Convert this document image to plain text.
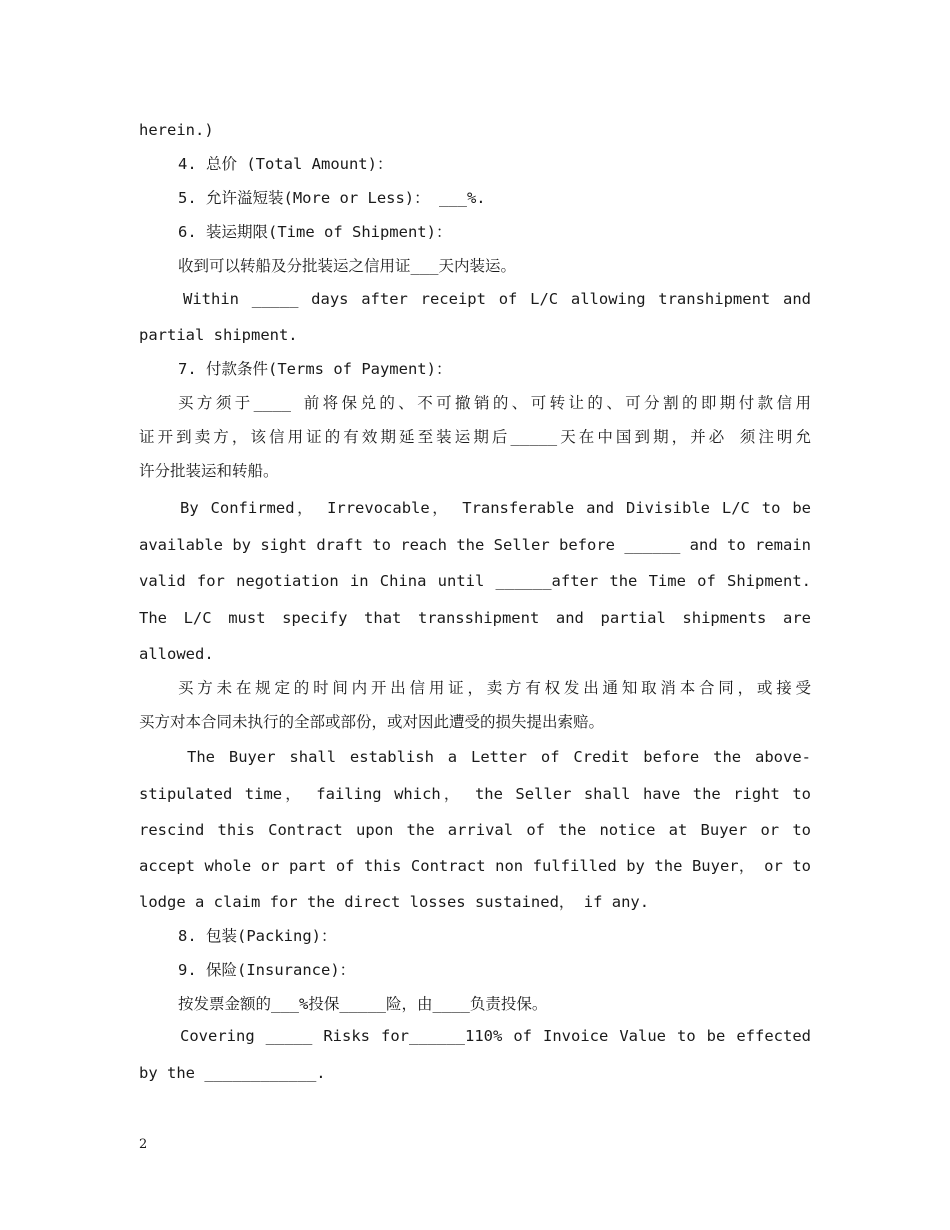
herein.)
4. 总价 (Total Amount)：
5. 允许溢短装(More or Less)： ___%.
6. 装运期限(Time of Shipment)：
收到可以转船及分批装运之信用证___天内装运。
Within _____ days after receipt of L/C allowing transhipment and
partial shipment.
7. 付款条件(Terms of Payment)：
买方须于____ 前将保兑的、不可撤销的、可转让的、可分割的即期付款信用
证开到卖方，该信用证的有效期延至装运期后_____天在中国到期，并必 须注明允
许分批装运和转船。
By Confirmed， Irrevocable， Transferable and Divisible L/C to be
available by sight draft to reach the Seller before ______ and to remain
valid for negotiation in China until ______after the Time of Shipment.
The L/C must specify that transshipment and partial shipments are
allowed.
买方未在规定的时间内开出信用证，卖方有权发出通知取消本合同，或接受
买方对本合同未执行的全部或部份，或对因此遭受的损失提出索赔。
The Buyer shall establish a Letter of Credit before the above-
stipulated time， failing which， the Seller shall have the right to
rescind this Contract upon the arrival of the notice at Buyer or to
accept whole or part of this Contract non fulfilled by the Buyer， or to
lodge a claim for the direct losses sustained， if any.
8. 包装(Packing)：
9. 保险(Insurance)：
按发票金额的___%投保_____险，由____负责投保。
Covering _____ Risks for______110% of Invoice Value to be effected
by the ____________.
2
